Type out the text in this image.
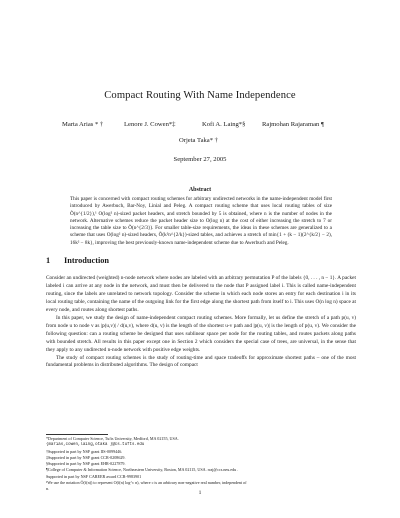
Compact Routing With Name Independence
Marta Arias * †	Lenore J. Cowen*‡	Kofi A. Laing*§	Rajmohan Rajaraman ¶
Orjeta Taka* †
September 27, 2005
Abstract
This paper is concerned with compact routing schemes for arbitrary undirected networks in the name-independent model first introduced by Awerbuch, Bar-Noy, Linial and Peleg. A compact routing scheme that uses local routing tables of size Õ(n^{1/2}),¹ O(log² n)-sized packet headers, and stretch bounded by 5 is obtained, where n is the number of nodes in the network. Alternative schemes reduce the packet header size to O(log n) at the cost of either increasing the stretch to 7 or increasing the table size to Õ(n^{2/3}). For smaller table-size requirements, the ideas in these schemes are generalized to a scheme that uses O(log² n)-sized headers, Õ(k²n^{2/k})-sized tables, and achieves a stretch of min{1 + (k − 1)(2^{k/2} − 2), 16k² − 8k}, improving the best previously-known name-independent scheme due to Awerbuch and Peleg.
1 Introduction

Consider an undirected (weighted) n-node network where nodes are labeled with an arbitrary permutation P of the labels {0, . . . , n − 1}. A packet labeled i can arrive at any node in the network, and must then be delivered to the node that P assigned label i. This is called name-independent routing, since the labels are unrelated to network topology. Consider the scheme in which each node stores an entry for each destination i in its local routing table, containing the name of the outgoing link for the first edge along the shortest path from itself to i. This uses O(n log n) space at every node, and routes along shortest paths.

In this paper, we study the design of name-independent compact routing schemes. More formally, let us define the stretch of a path p(u, v) from node u to node v as |p(u,v)| / d(u,v), where d(u, v) is the length of the shortest u-v path and |p(u, v)| is the length of p(u, v). We consider the following question: can a routing scheme be designed that uses sublinear space per node for the routing tables, and routes packets along paths with bounded stretch. All results in this paper except one in Section 2 which considers the special case of trees, are universal, in the sense that they apply to any undirected n-node network with positive edge weights.

The study of compact routing schemes is the study of routing-time and space tradeoffs for approximate shortest paths – one of the most fundamental problems in distributed algorithms. The design of compact

*Department of Computer Science, Tufts University, Medford, MA 02155, USA.
{marias,cowen,laing,otaka }@cs.tufts.edu
†Supported in part by NSF grant IIS-0099446.
‡Supported in part by NSF grant CCR-0208629.
§Supported in part by NSF grant EHR-0227879.
¶College of Computer & Information Science, Northeastern University, Boston, MA 02115, USA. rraj@ccs.neu.edu .
Supported in part by NSF CAREER award CCR-9983901
¹We use the notation Õ(f(n)) to represent O(f(n) log^c n), where c is an arbitrary non-negative real number, independent of
n.
1
